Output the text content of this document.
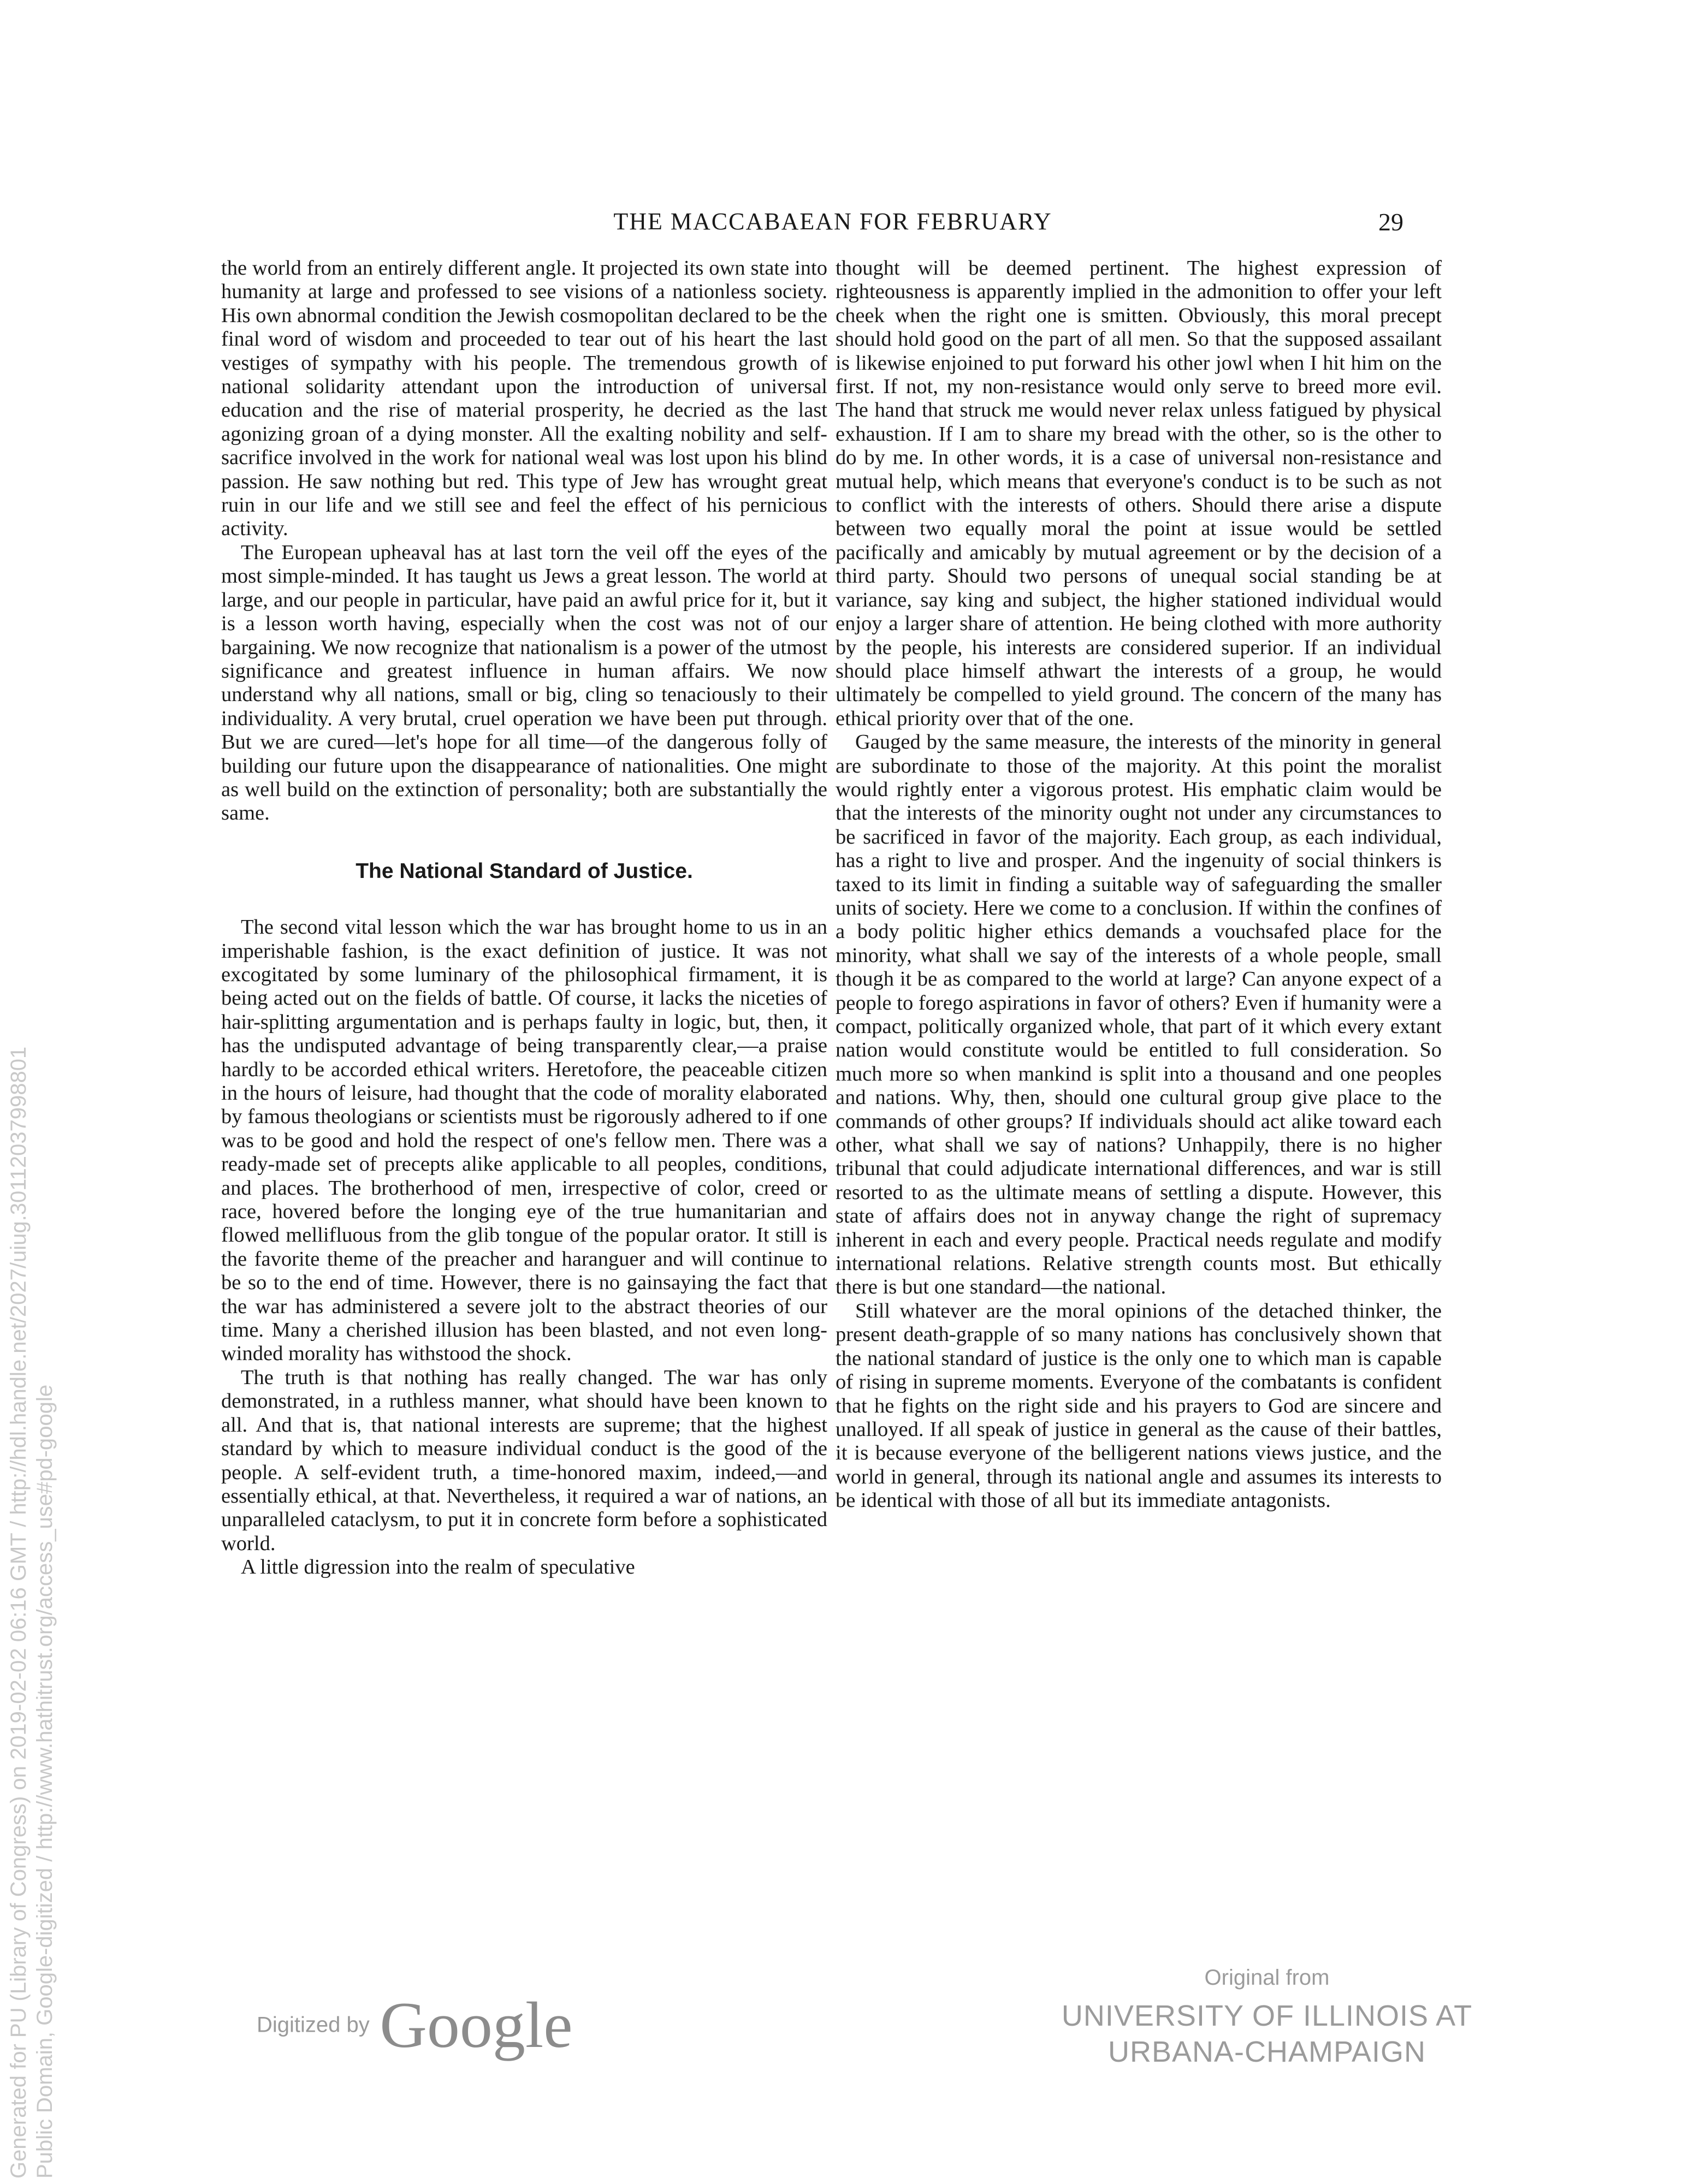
THE MACCABAEAN FOR FEBRUARY	29

the world from an entirely different angle. It projected its own state into humanity at large and professed to see visions of a nationless society. His own abnormal condition the Jewish cosmopolitan declared to be the final word of wisdom and proceeded to tear out of his heart the last vestiges of sympathy with his people. The tremendous growth of national solidarity attendant upon the introduction of universal education and the rise of material prosperity, he decried as the last agonizing groan of a dying monster. All the exalting nobility and self-sacrifice involved in the work for national weal was lost upon his blind passion. He saw nothing but red. This type of Jew has wrought great ruin in our life and we still see and feel the effect of his pernicious activity.

The European upheaval has at last torn the veil off the eyes of the most simple-minded. It has taught us Jews a great lesson. The world at large, and our people in particular, have paid an awful price for it, but it is a lesson worth having, especially when the cost was not of our bargaining. We now recognize that nationalism is a power of the utmost significance and greatest influence in human affairs. We now understand why all nations, small or big, cling so tenaciously to their individuality. A very brutal, cruel operation we have been put through. But we are cured—let's hope for all time—of the dangerous folly of building our future upon the disappearance of nationalities. One might as well build on the extinction of personality; both are substantially the same.

The National Standard of Justice.

The second vital lesson which the war has brought home to us in an imperishable fashion, is the exact definition of justice. It was not excogitated by some luminary of the philosophical firmament, it is being acted out on the fields of battle. Of course, it lacks the niceties of hair-splitting argumentation and is perhaps faulty in logic, but, then, it has the undisputed advantage of being transparently clear,—a praise hardly to be accorded ethical writers. Heretofore, the peaceable citizen in the hours of leisure, had thought that the code of morality elaborated by famous theologians or scientists must be rigorously adhered to if one was to be good and hold the respect of one's fellow men. There was a ready-made set of precepts alike applicable to all peoples, conditions, and places. The brotherhood of men, irrespective of color, creed or race, hovered before the longing eye of the true humanitarian and flowed mellifluous from the glib tongue of the popular orator. It still is the favorite theme of the preacher and haranguer and will continue to be so to the end of time. However, there is no gainsaying the fact that the war has administered a severe jolt to the abstract theories of our time. Many a cherished illusion has been blasted, and not even long-winded morality has withstood the shock.

The truth is that nothing has really changed. The war has only demonstrated, in a ruthless manner, what should have been known to all. And that is, that national interests are supreme; that the highest standard by which to measure individual conduct is the good of the people. A self-evident truth, a time-honored maxim, indeed,—and essentially ethical, at that. Nevertheless, it required a war of nations, an unparalleled cataclysm, to put it in concrete form before a sophisticated world.

A little digression into the realm of speculative

thought will be deemed pertinent. The highest expression of righteousness is apparently implied in the admonition to offer your left cheek when the right one is smitten. Obviously, this moral precept should hold good on the part of all men. So that the supposed assailant is likewise enjoined to put forward his other jowl when I hit him on the first. If not, my non-resistance would only serve to breed more evil. The hand that struck me would never relax unless fatigued by physical exhaustion. If I am to share my bread with the other, so is the other to do by me. In other words, it is a case of universal non-resistance and mutual help, which means that everyone's conduct is to be such as not to conflict with the interests of others. Should there arise a dispute between two equally moral the point at issue would be settled pacifically and amicably by mutual agreement or by the decision of a third party. Should two persons of unequal social standing be at variance, say king and subject, the higher stationed individual would enjoy a larger share of attention. He being clothed with more authority by the people, his interests are considered superior. If an individual should place himself athwart the interests of a group, he would ultimately be compelled to yield ground. The concern of the many has ethical priority over that of the one.

Gauged by the same measure, the interests of the minority in general are subordinate to those of the majority. At this point the moralist would rightly enter a vigorous protest. His emphatic claim would be that the interests of the minority ought not under any circumstances to be sacrificed in favor of the majority. Each group, as each individual, has a right to live and prosper. And the ingenuity of social thinkers is taxed to its limit in finding a suitable way of safeguarding the smaller units of society. Here we come to a conclusion. If within the confines of a body politic higher ethics demands a vouchsafed place for the minority, what shall we say of the interests of a whole people, small though it be as compared to the world at large? Can anyone expect of a people to forego aspirations in favor of others? Even if humanity were a compact, politically organized whole, that part of it which every extant nation would constitute would be entitled to full consideration. So much more so when mankind is split into a thousand and one peoples and nations. Why, then, should one cultural group give place to the commands of other groups? If individuals should act alike toward each other, what shall we say of nations? Unhappily, there is no higher tribunal that could adjudicate international differences, and war is still resorted to as the ultimate means of settling a dispute. However, this state of affairs does not in anyway change the right of supremacy inherent in each and every people. Practical needs regulate and modify international relations. Relative strength counts most. But ethically there is but one standard—the national.

Still whatever are the moral opinions of the detached thinker, the present death-grapple of so many nations has conclusively shown that the national standard of justice is the only one to which man is capable of rising in supreme moments. Everyone of the combatants is confident that he fights on the right side and his prayers to God are sincere and unalloyed. If all speak of justice in general as the cause of their battles, it is because everyone of the belligerent nations views justice, and the world in general, through its national angle and assumes its interests to be identical with those of all but its immediate antagonists.

Generated for PU (Library of Congress) on 2019-02-02 06:16 GMT / http://hdl.handle.net/2027/uiug.30112037998801 Public Domain, Google-digitized / http://www.hathitrust.org/access_use#pd-google	Digitized by Google
Original from
UNIVERSITY OF ILLINOIS AT
URBANA-CHAMPAIGN
